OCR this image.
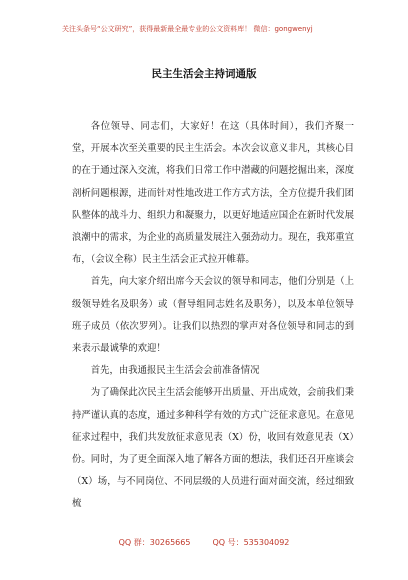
关注头条号“公文研究”，获得最新最全最专业的公文资料库！ 微信：gongwenyj
民主生活会主持词通版

各位领导、同志们，大家好！在这（具体时间），我们齐聚一堂，开展本次至关重要的民主生活会。本次会议意义非凡，其核心目的在于通过深入交流，将我们日常工作中潜藏的问题挖掘出来，深度剖析问题根源，进而针对性地改进工作方式方法，全方位提升我们团队整体的战斗力、组织力和凝聚力，以更好地适应国企在新时代发展浪潮中的需求，为企业的高质量发展注入强劲动力。现在，我郑重宣布，（会议全称）民主生活会正式拉开帷幕。

首先，向大家介绍出席今天会议的领导和同志，他们分别是（上级领导姓名及职务）或（督导组同志姓名及职务），以及本单位领导班子成员（依次罗列）。让我们以热烈的掌声对各位领导和同志的到来表示最诚挚的欢迎！

首先，由我通报民主生活会会前准备情况

为了确保此次民主生活会能够开出质量、开出成效，会前我们秉持严谨认真的态度，通过多种科学有效的方式广泛征求意见。在意见征求过程中，我们共发放征求意见表（X）份，收回有效意见表（X）份。同时，为了更全面深入地了解各方面的想法，我们还召开座谈会（X）场，与不同岗位、不同层级的人员进行面对面交流，经过细致梳

QQ 群：30265665	QQ 号：535304092
